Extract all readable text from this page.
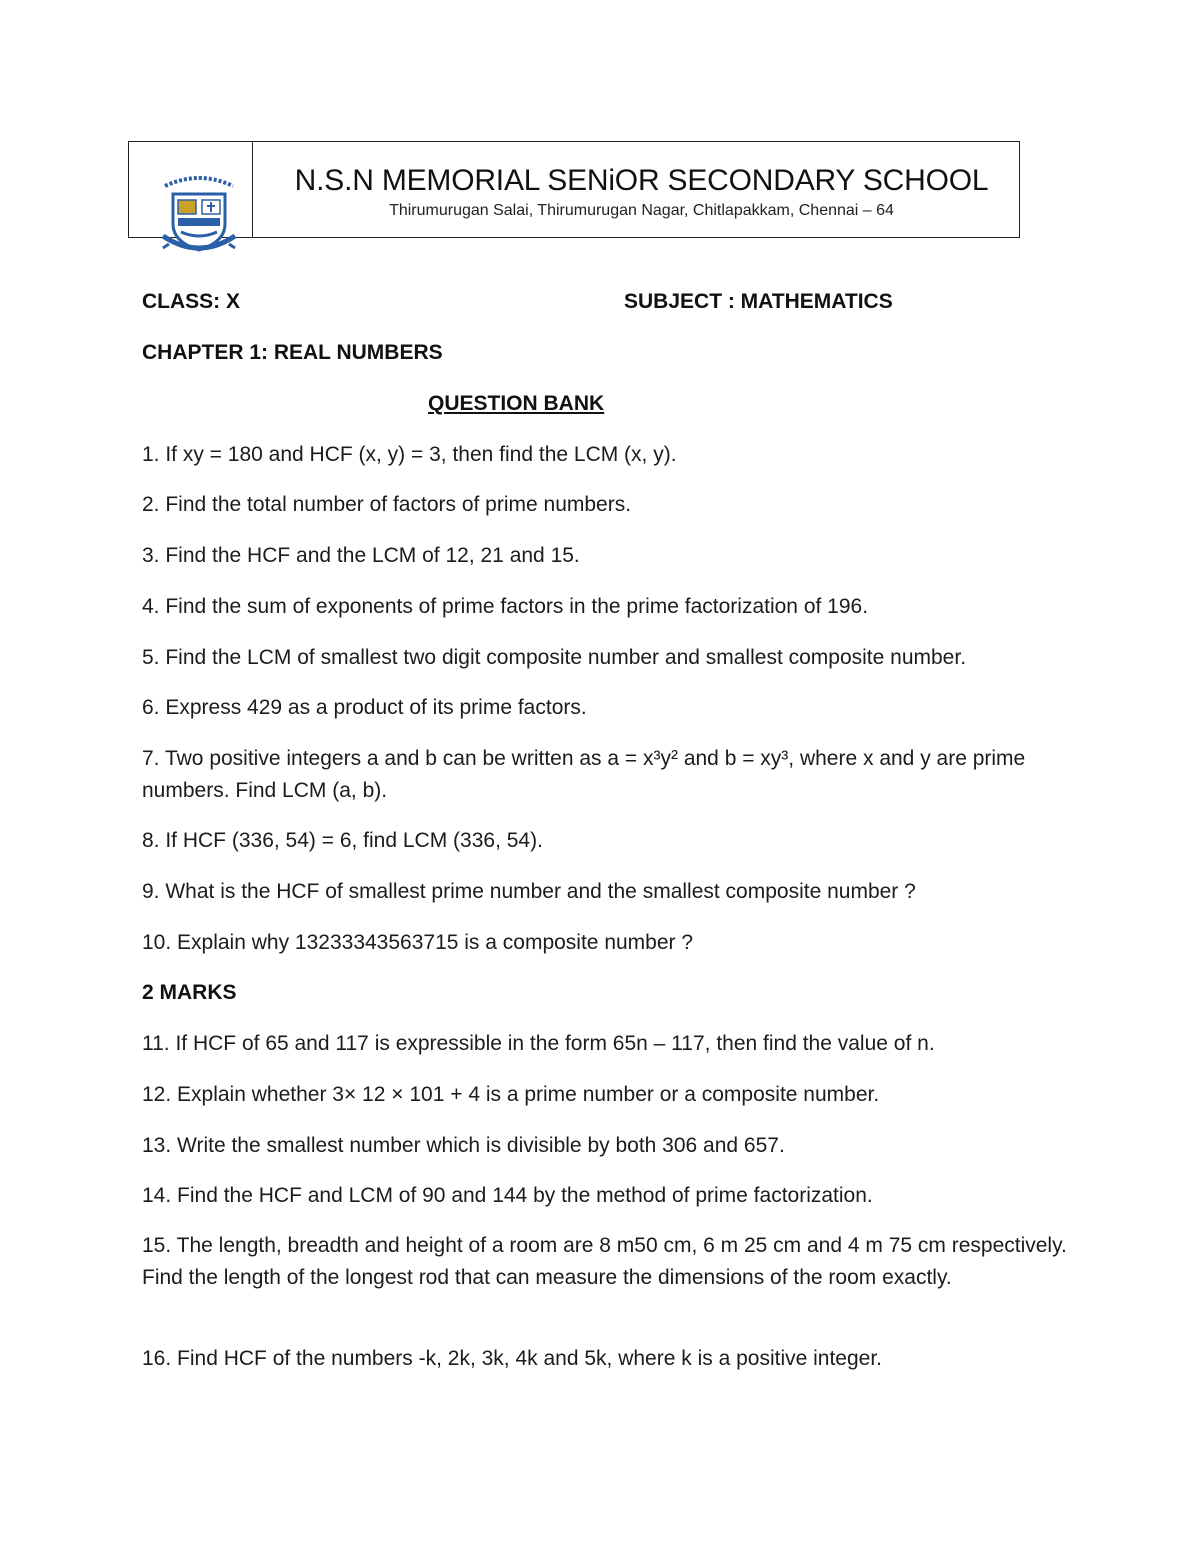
N.S.N MEMORIAL SENiOR SECONDARY SCHOOL
Thirumurugan Salai, Thirumurugan Nagar, Chitlapakkam, Chennai – 64
CLASS: X	SUBJECT : MATHEMATICS
CHAPTER 1: REAL NUMBERS
QUESTION BANK
1. If xy = 180 and HCF (x, y) = 3, then find the LCM (x, y).
2. Find the total number of factors of prime numbers.
3. Find the HCF and the LCM of 12, 21 and 15.
4. Find the sum of exponents of prime factors in the prime factorization of 196.
5. Find the LCM of smallest two digit composite number and smallest composite number.
6. Express 429 as a product of its prime factors.
7. Two positive integers a and b can be written as a = x³y² and b = xy³, where x and y are prime numbers. Find LCM (a, b).
8. If HCF (336, 54) = 6, find LCM (336, 54).
9. What is the HCF of smallest prime number and the smallest composite number ?
10. Explain why 13233343563715 is a composite number ?
2 MARKS
11. If HCF of 65 and 117 is expressible in the form 65n – 117, then find the value of n.
12. Explain whether 3× 12 × 101 + 4 is a prime number or a composite number.
13. Write the smallest number which is divisible by both 306 and 657.
14. Find the HCF and LCM of 90 and 144 by the method of prime factorization.
15. The length, breadth and height of a room are 8 m50 cm, 6 m 25 cm and 4 m 75 cm respectively. Find the length of the longest rod that can measure the dimensions of the room exactly.
16. Find HCF of the numbers -k, 2k, 3k, 4k and 5k, where k is a positive integer.
